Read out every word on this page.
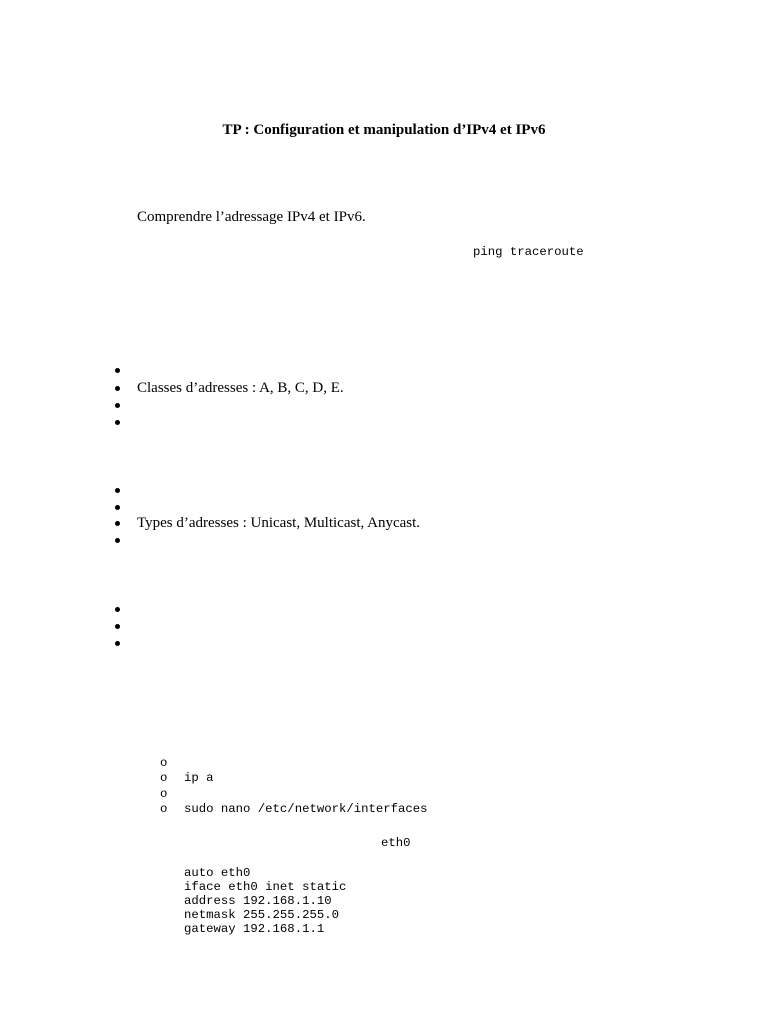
TP : Configuration et manipulation d’IPv4 et IPv6
Comprendre l’adressage IPv4 et IPv6.
ping traceroute
Classes d’adresses : A, B, C, D, E.
Types d’adresses : Unicast, Multicast, Anycast.
o
o ip a
o
o sudo nano /etc/network/interfaces
eth0
auto eth0
iface eth0 inet static
address 192.168.1.10
netmask 255.255.255.0
gateway 192.168.1.1
